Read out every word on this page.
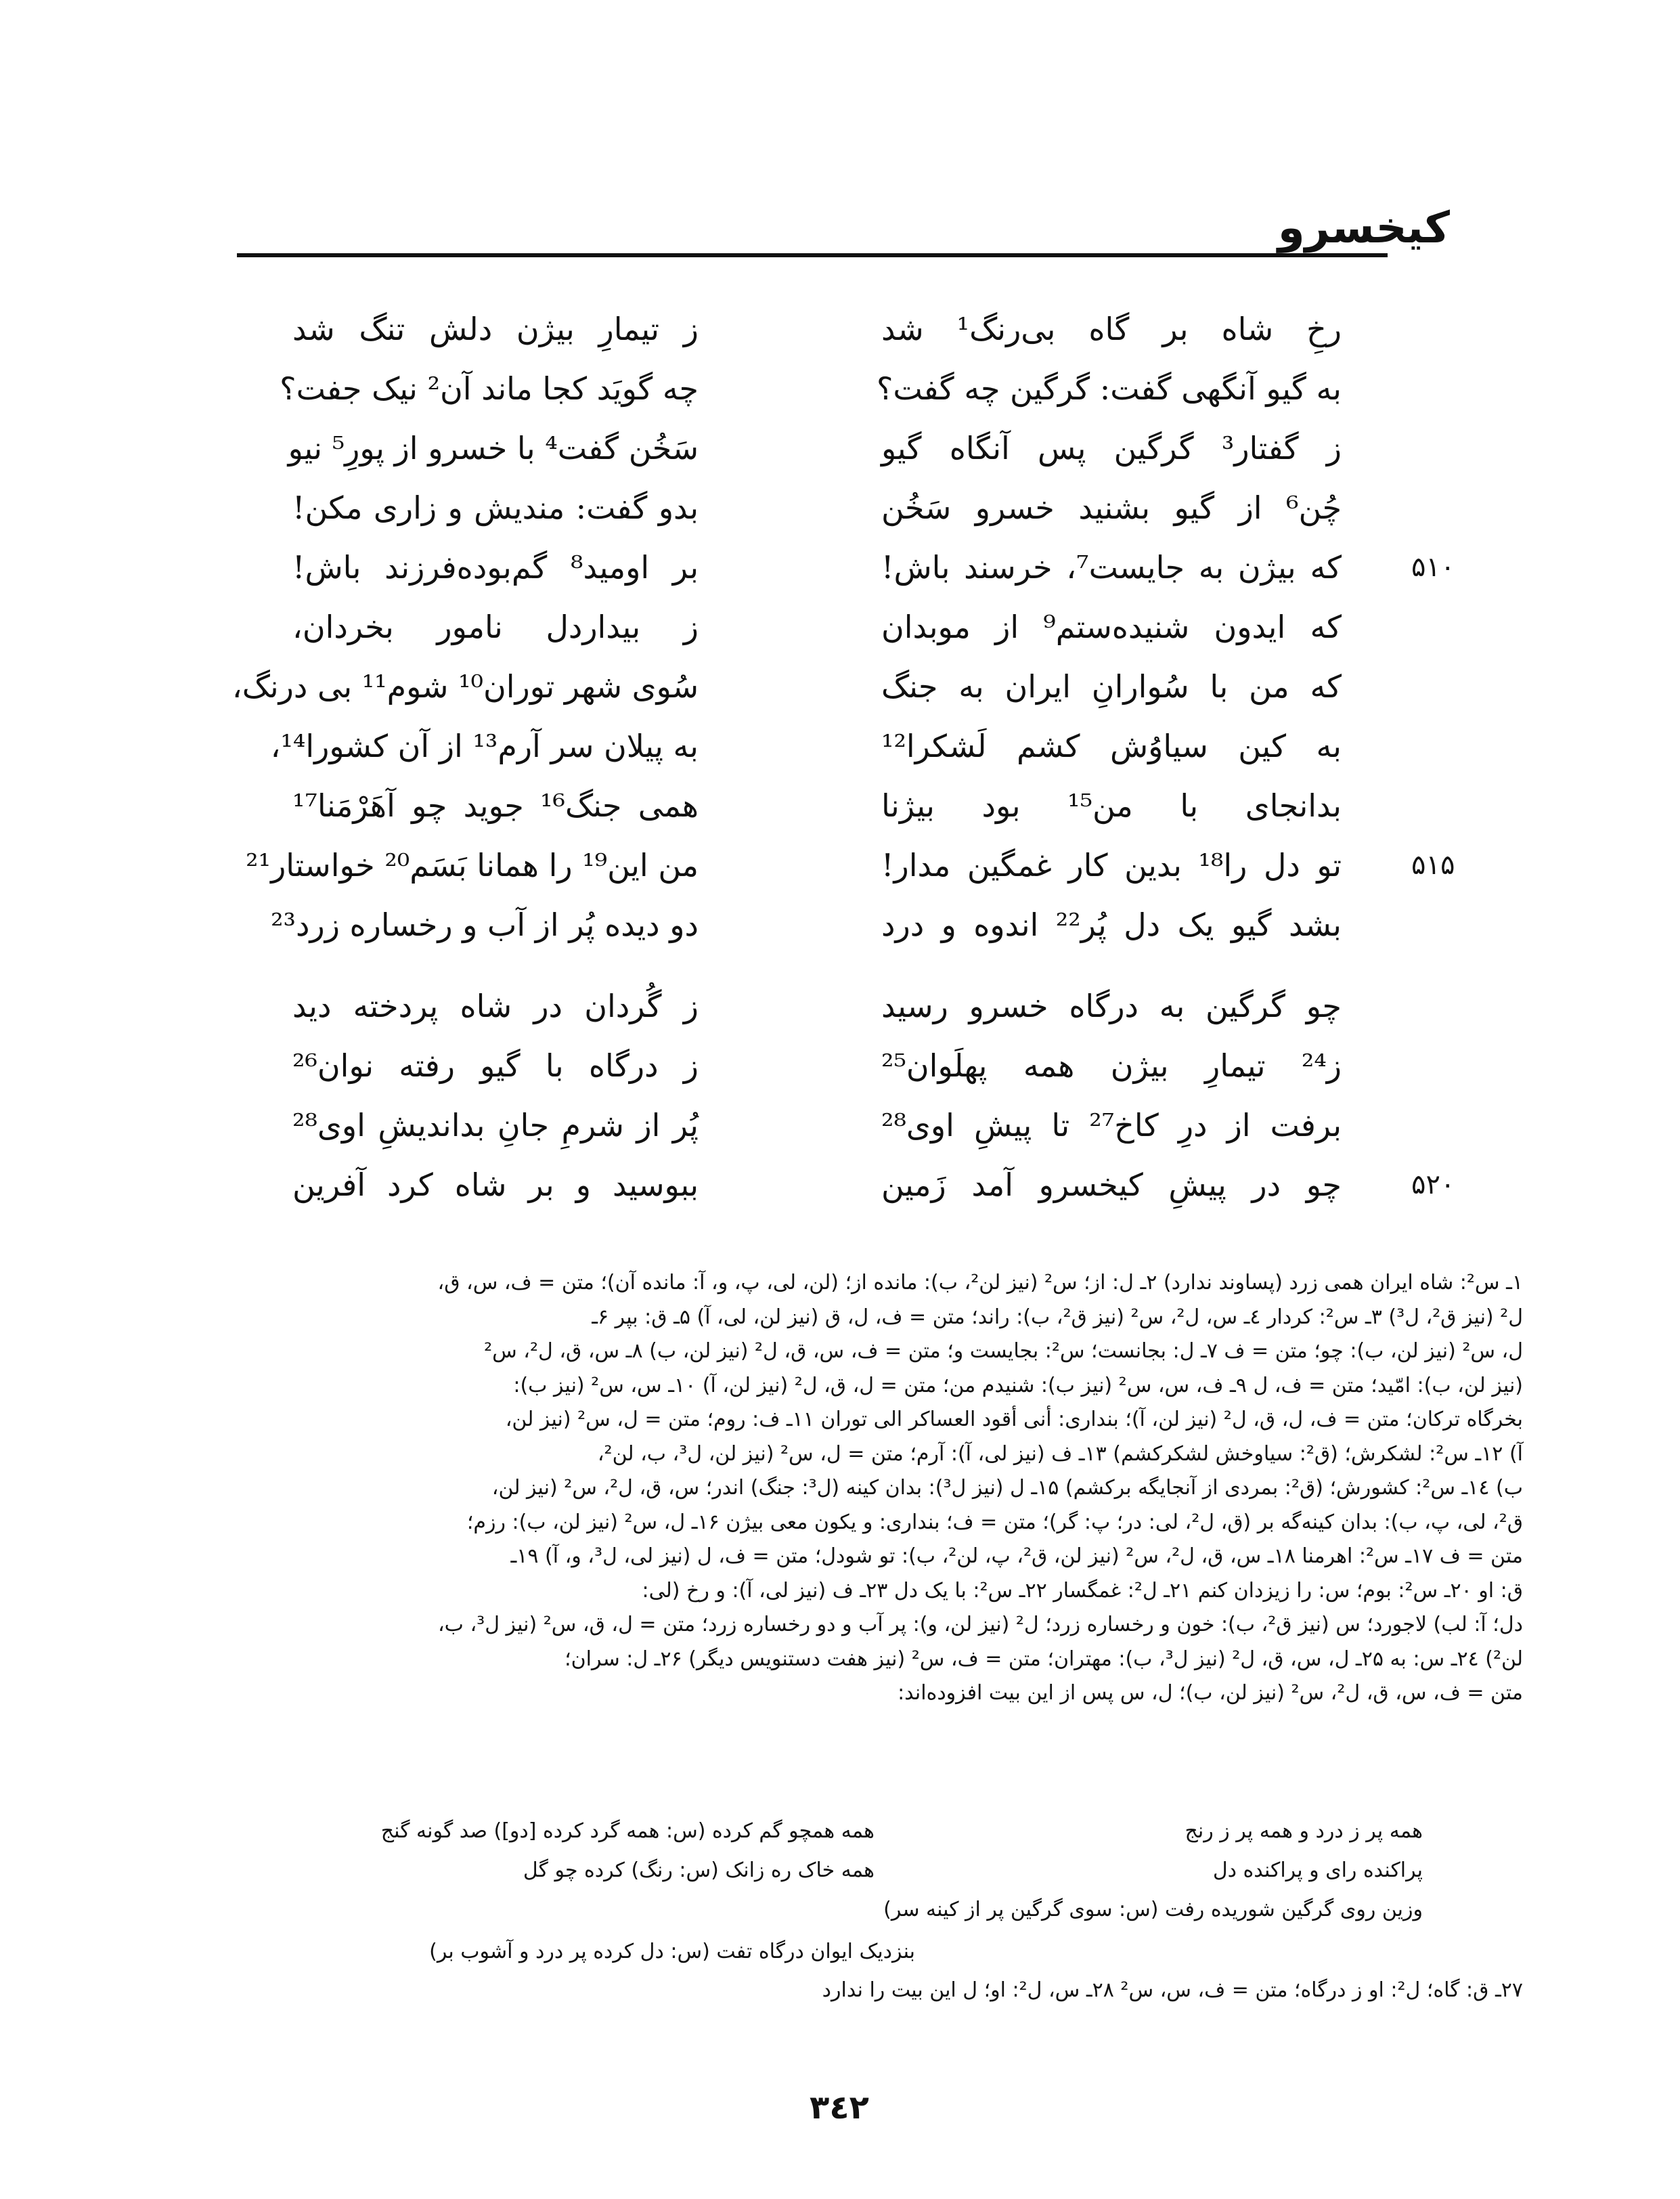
کیخسرو
رخِ شاه بر گاه بی‌رنگ¹ شد
ز تیمارِ بیژن دلش تنگ شد
به گیو آنگهی گفت: گرگین چه گفت؟
چه گویَد کجا ماند آن² نیک جفت؟
ز گفتار³ گرگین پس آنگاه گیو
سَخُن گفت⁴ با خسرو از پورِ⁵ نیو
چُن⁶ از گیو بشنید خسرو سَخُن
بدو گفت: مندیش و زاری مکن!
۵۱۰
که بیژن به جایست⁷، خرسند باش!
بر اومید⁸ گم‌بوده‌فرزند باش!
که ایدون شنیده‌ستم⁹ از موبدان
ز بیداردل نامور بخردان،
که من با سُوارانِ ایران به جنگ
سُوی شهر توران¹⁰ شوم¹¹ بی درنگ،
به کین سیاوُش کشم لَشکرا¹²
به پیلان سر آرم¹³ از آن کشورا¹⁴،
بدانجای با من¹⁵ بود بیژنا
همی جنگ¹⁶ جوید چو آهَرْمَنا¹⁷
۵۱۵
تو دل را¹⁸ بدین کار غمگین مدار!
من این¹⁹ را همانا بَسَم²⁰ خواستار²¹
بشد گیو یک دل پُر²² اندوه و درد
دو دیده پُر از آب و رخساره زرد²³
چو گرگین به درگاه خسرو رسید
ز گُردان در شاه پردخته دید
ز²⁴ تیمارِ بیژن همه پهلَوان²⁵
ز درگاه با گیو رفته نوان²⁶
برفت از درِ کاخ²⁷ تا پیشِ اوی²⁸
پُر از شرمِ جانِ بداندیشِ اوی²⁸
۵۲۰
چو در پیشِ کیخسرو آمد زَمین
ببوسید و بر شاه کرد آفرین
۱ـ س²: شاه ایران همی زرد (پساوند ندارد) ۲ـ ل: از؛ س² (نیز لن²، ب): مانده از؛ (لن، لی، پ، و، آ: مانده آن)؛ متن = ف، س، ق،
ل² (نیز ق²، ل³) ۳ـ س²: کردار ٤ـ س، ل²، س² (نیز ق²، ب): راند؛ متن = ف، ل، ق (نیز لن، لی، آ) ۵ـ ق: بپر ۶ـ
ل، س² (نیز لن، ب): چو؛ متن = ف ۷ـ ل: بجانست؛ س²: بجایست و؛ متن = ف، س، ق، ل² (نیز لن، ب) ۸ـ س، ق، ل²، س²
(نیز لن، ب): امّید؛ متن = ف، ل ۹ـ ف، س، س² (نیز ب): شنیدم من؛ متن = ل، ق، ل² (نیز لن، آ) ۱۰ـ س، س² (نیز ب):
بخرگاه ترکان؛ متن = ف، ل، ق، ل² (نیز لن، آ)؛ بنداری: أنی أقود العساکر الی توران ۱۱ـ ف: روم؛ متن = ل، س² (نیز لن،
آ) ۱۲ـ س²: لشکرش؛ (ق²: سیاوخش لشکرکشم) ۱۳ـ ف (نیز لی، آ): آرم؛ متن = ل، س² (نیز لن، ل³، ب، لن²،
ب) ۱٤ـ س²: کشورش؛ (ق²: بمردی از آنجایگه برکشم) ۱۵ـ ل (نیز ل³): بدان کینه (ل³: جنگ) اندر؛ س، ق، ل²، س² (نیز لن،
ق²، لی، پ، ب): بدان کینه‌گه بر (ق، ل²، لی: در؛ پ: گر)؛ متن = ف؛ بنداری: و یکون معی بیژن ۱۶ـ ل، س² (نیز لن، ب): رزم؛
متن = ف ۱۷ـ س²: اهرمنا ۱۸ـ س، ق، ل²، س² (نیز لن، ق²، پ، لن²، ب): تو شودل؛ متن = ف، ل (نیز لی، ل³، و، آ) ۱۹ـ
ق: او ۲۰ـ س²: بوم؛ س: را زیزدان کنم ۲۱ـ ل²: غمگسار ۲۲ـ س²: با یک دل ۲۳ـ ف (نیز لی، آ): و رخ (لی:
دل؛ آ: لب) لاجورد؛ س (نیز ق²، ب): خون و رخساره زرد؛ ل² (نیز لن، و): پر آب و دو رخساره زرد؛ متن = ل، ق، س² (نیز ل³، ب،
لن²) ۲٤ـ س: به ۲۵ـ ل، س، ق، ل² (نیز ل³، ب): مهتران؛ متن = ف، س² (نیز هفت دستنویس دیگر) ۲۶ـ ل: سران؛
متن = ف، س، ق، ل²، س² (نیز لن، ب)؛ ل، س پس از این بیت افزوده‌اند:
همه پر ز درد و همه پر ز رنج
همه همچو گم کرده (س: همه گرد کرده [دو]) صد گونه گنج
پراکنده رای و پراکنده دل
همه خاک ره زانک (س: رنگ) کرده چو گل
وزین روی گرگین شوریده رفت (س: سوی گرگین پر از کینه سر)
بنزدیک ایوان درگاه تفت (س: دل کرده پر درد و آشوب بر)
۲۷ـ ق: گاه؛ ل²: او ز درگاه؛ متن = ف، س، س² ۲۸ـ س، ل²: او؛ ل این بیت را ندارد
۳٤۲
